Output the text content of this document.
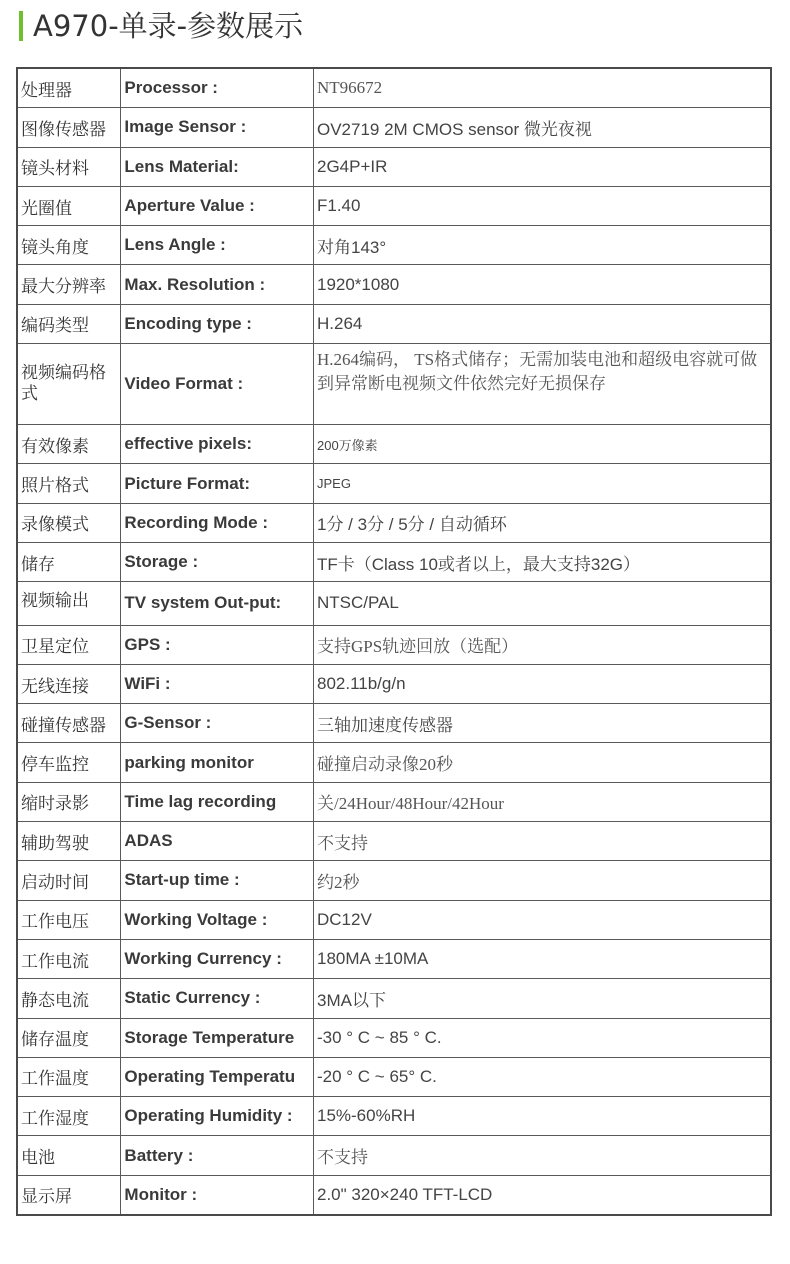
A970-单录-参数展示
处理器	Processor :	NT96672
图像传感器	Image Sensor :	OV2719 2M CMOS sensor 微光夜视
镜头材料	Lens Material:	2G4P+IR
光圈值	Aperture Value :	F1.40
镜头角度	Lens Angle :	对角143°
最大分辨率	Max. Resolution :	1920*1080
编码类型	Encoding type :	H.264
视频编码格式	Video Format :	H.264编码， TS格式储存；无需加装电池和超级电容就可做到异常断电视频文件依然完好无损保存
有效像素	effective pixels:	200万像素
照片格式	Picture Format:	JPEG
录像模式	Recording Mode :	1分 / 3分 / 5分 / 自动循环
储存	Storage :	TF卡（Class 10或者以上，最大支持32G）
视频输出	TV system Out-put:	NTSC/PAL
卫星定位	GPS :	支持GPS轨迹回放（选配）
无线连接	WiFi :	802.11b/g/n
碰撞传感器	G-Sensor :	三轴加速度传感器
停车监控	parking monitor	碰撞启动录像20秒
缩时录影	Time lag recording	关/24Hour/48Hour/42Hour
辅助驾驶	ADAS	不支持
启动时间	Start-up time :	约2秒
工作电压	Working Voltage :	DC12V
工作电流	Working Currency :	180MA ±10MA
静态电流	Static Currency :	3MA以下
储存温度	Storage Temperature	-30 ° C ~ 85 ° C.
工作温度	Operating Temperatu	-20 ° C ~ 65° C.
工作湿度	Operating Humidity :	15%-60%RH
电池	Battery :	不支持
显示屏	Monitor :	2.0" 320×240 TFT-LCD
